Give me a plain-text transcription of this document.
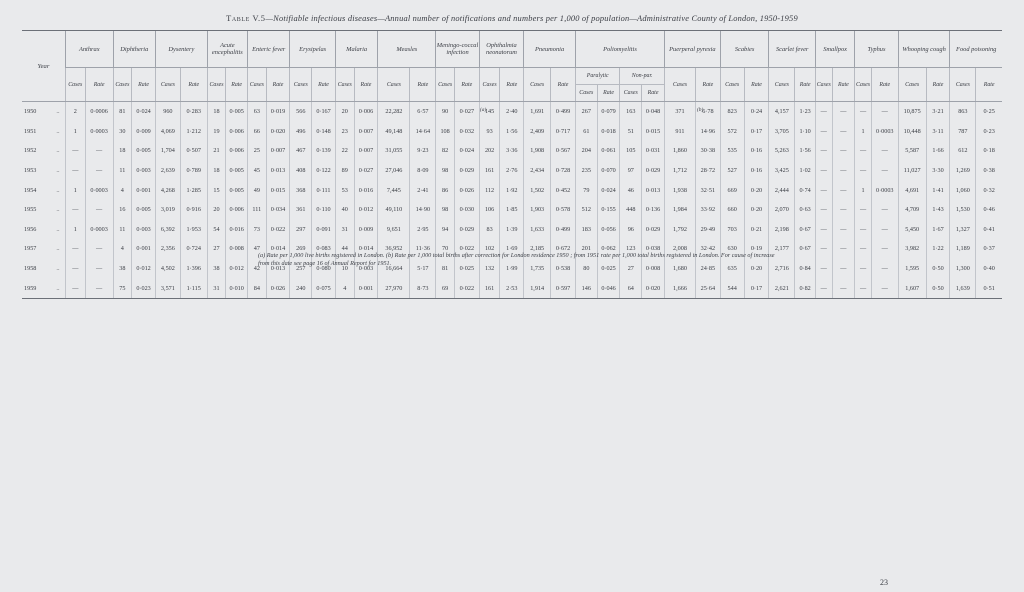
Table V.5—Notifiable infectious diseases—Annual number of notifications and numbers per 1,000 of population—Administrative County of London, 1950-1959
Year		Anthrax		Diphtheria		Dysentery		Acute encephalitis		Enteric fever		Erysipelas		Malaria		Measles		Meningo-coccal infection		Ophthalmia neonatorum		Pneumonia		Poliomyelitis				Puerperal pyrexia		Scabies		Scarlet fever		Smallpox		Typhus		Whooping cough		Food poisoning	
		Cases	Rate	Cases	Rate	Cases	Rate	Cases	Rate	Cases	Rate	Cases	Rate	Cases	Rate	Cases	Rate	Cases	Rate	Cases	Rate	Cases	Rate	Paralytic		Non-par.		Cases	Rate	Cases	Rate	Cases	Rate	Cases	Rate	Cases	Rate	Cases	Rate	Cases	Rate
																								Cases	Rate	Cases	Rate														
1950	..	2	0·0006	81	0·024	960	0·283	18	0·005	63	0·019	566	0·167	20	0·006	22,282	6·57	90	0·027	145	2·40	1,691	0·499	267	0·079	163	0·048	371	6·78	823	0·24	4,157	1·23	—	—	—	—	10,875	3·21	863	0·25
1951	..	1	0·0003	30	0·009	4,069	1·212	19	0·006	66	0·020	496	0·148	23	0·007	49,148	14·64	108	0·032	93	1·56	2,409	0·717	61	0·018	51	0·015	911	14·96	572	0·17	3,705	1·10	—	—	1	0·0003	10,448	3·11	787	0·23
1952	..	—	—	18	0·005	1,704	0·507	21	0·006	25	0·007	467	0·139	22	0·007	31,055	9·23	82	0·024	202	3·36	1,908	0·567	204	0·061	105	0·031	1,860	30·38	535	0·16	5,263	1·56	—	—	—	—	5,587	1·66	612	0·18
1953	..	—	—	11	0·003	2,639	0·789	18	0·005	45	0·013	408	0·122	89	0·027	27,046	8·09	98	0·029	161	2·76	2,434	0·728	235	0·070	97	0·029	1,712	28·72	527	0·16	3,425	1·02	—	—	—	—	11,027	3·30	1,269	0·38
1954	..	1	0·0003	4	0·001	4,268	1·285	15	0·005	49	0·015	368	0·111	53	0·016	7,445	2·41	86	0·026	112	1·92	1,502	0·452	79	0·024	46	0·013	1,938	32·51	669	0·20	2,444	0·74	—	—	1	0·0003	4,691	1·41	1,060	0·32
1955	..	—	—	16	0·005	3,019	0·916	20	0·006	111	0·034	361	0·110	40	0·012	49,110	14·90	98	0·030	106	1·85	1,903	0·578	512	0·155	448	0·136	1,984	33·92	660	0·20	2,070	0·63	—	—	—	—	4,709	1·43	1,530	0·46
1956	..	1	0·0003	11	0·003	6,392	1·953	54	0·016	73	0·022	297	0·091	31	0·009	9,651	2·95	94	0·029	83	1·39	1,633	0·499	183	0·056	96	0·029	1,792	29·49	703	0·21	2,198	0·67	—	—	—	—	5,450	1·67	1,327	0·41
1957	..	—	—	4	0·001	2,356	0·724	27	0·008	47	0·014	269	0·083	44	0·014	36,952	11·36	70	0·022	102	1·69	2,185	0·672	201	0·062	123	0·038	2,008	32·42	630	0·19	2,177	0·67	—	—	—	—	3,982	1·22	1,189	0·37
1958	..	—	—	38	0·012	4,502	1·396	38	0·012	42	0·013	257	0·080	10	0·003	16,664	5·17	81	0·025	132	1·99	1,735	0·538	80	0·025	27	0·008	1,680	24·85	635	0·20	2,716	0·84	—	—	—	—	1,595	0·50	1,300	0·40
1959	..	—	—	75	0·023	3,571	1·115	31	0·010	84	0·026	240	0·075	4	0·001	27,970	8·73	69	0·022	161	2·53	1,914	0·597	146	0·046	64	0·020	1,666	25·64	544	0·17	2,621	0·82	—	—	—	—	1,607	0·50	1,639	0·51
(a)	(b)
(a) Rate per 1,000 live births registered in London. (b) Rate per 1,000 total births after correction for London residence 1950 ; from 1951 rate per 1,000 total births registered in London. For cause of increase from this date see page 16 of Annual Report for 1951.
23
